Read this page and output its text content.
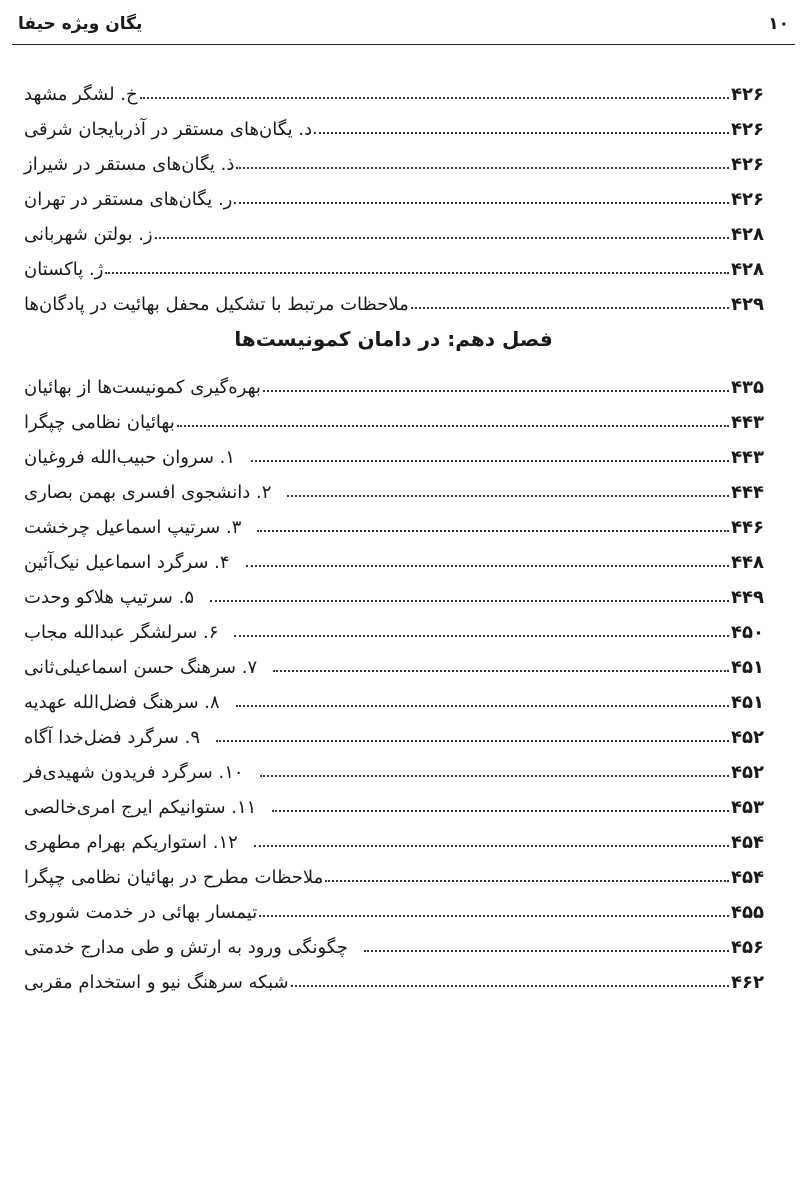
یگان ویژه حیفا	۱۰
خ. لشگر مشهد	۴۲۶
د. یگان‌های مستقر در آذربایجان شرقی	۴۲۶
ذ. یگان‌های مستقر در شیراز	۴۲۶
ر. یگان‌های مستقر در تهران	۴۲۶
ز. بولتن شهربانی	۴۲۸
ژ. پاکستان	۴۲۸
ملاحظات مرتبط با تشکیل محفل بهائیت در پادگان‌ها	۴۲۹
فصل دهم: در دامان کمونیست‌ها
بهره‌گیری کمونیست‌ها از بهائیان	۴۳۵
بهائیان نظامی چپگرا	۴۴۳
۱. سروان حبیب‌الله فروغیان	۴۴۳
۲. دانشجوی افسری بهمن بصاری	۴۴۴
۳. سرتیپ اسماعیل چرخشت	۴۴۶
۴. سرگرد اسماعیل نیک‌آئین	۴۴۸
۵. سرتیپ هلاکو وحدت	۴۴۹
۶. سرلشگر عبدالله مجاب	۴۵۰
۷. سرهنگ حسن اسماعیلی‌ثانی	۴۵۱
۸. سرهنگ فضل‌الله عهدیه	۴۵۱
۹. سرگرد فضل‌خدا آگاه	۴۵۲
۱۰. سرگرد فریدون شهیدی‌فر	۴۵۲
۱۱. ستوانیکم ایرج امری‌خالصی	۴۵۳
۱۲. استواریکم بهرام مطهری	۴۵۴
ملاحظات مطرح در بهائیان نظامی چپگرا	۴۵۴
تیمسار بهائی در خدمت شوروی	۴۵۵
چگونگی ورود به ارتش و طی مدارج خدمتی	۴۵۶
شبکه سرهنگ نیو و استخدام مقربی	۴۶۲
